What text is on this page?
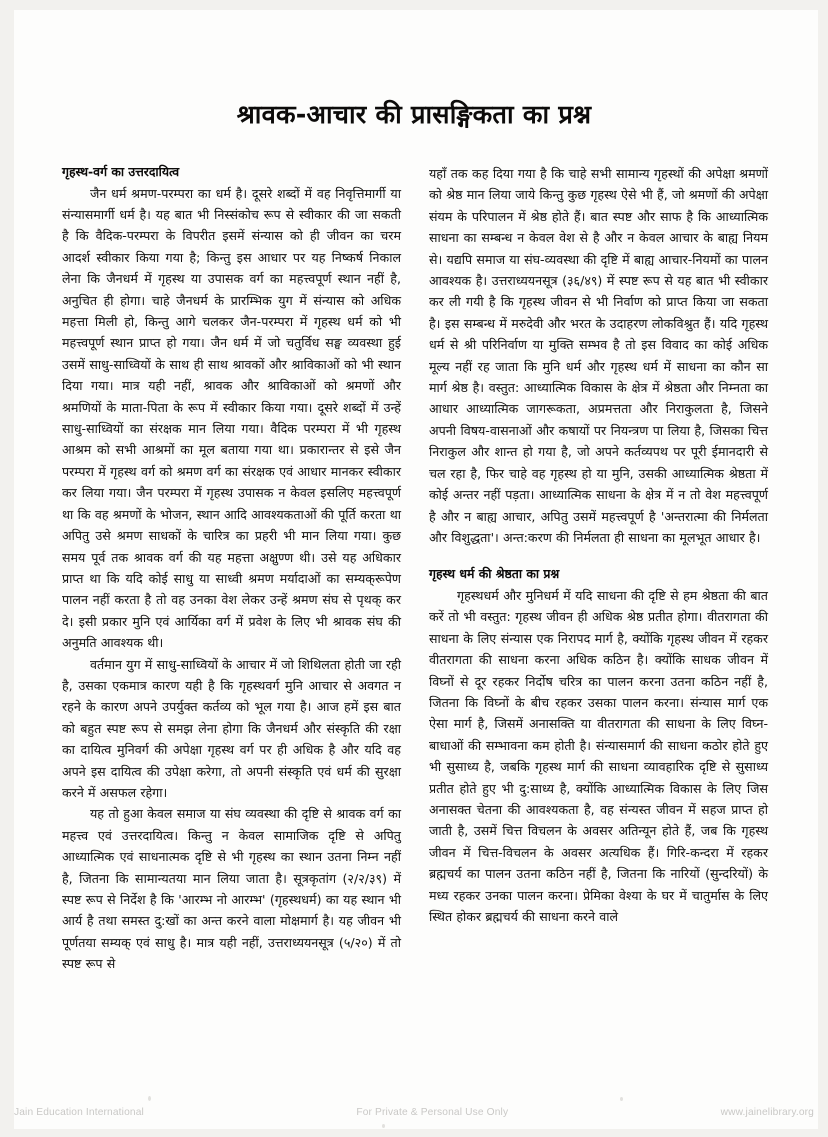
श्रावक-आचार की प्रासङ्गिकता का प्रश्न
गृहस्थ-वर्ग का उत्तरदायित्व

जैन धर्म श्रमण-परम्परा का धर्म है। दूसरे शब्दों में वह निवृत्तिमार्गी या संन्यासमार्गी धर्म है। यह बात भी निस्संकोच रूप से स्वीकार की जा सकती है कि वैदिक-परम्परा के विपरीत इसमें संन्यास को ही जीवन का चरम आदर्श स्वीकार किया गया है; किन्तु इस आधार पर यह निष्कर्ष निकाल लेना कि जैनधर्म में गृहस्थ या उपासक वर्ग का महत्त्वपूर्ण स्थान नहीं है, अनुचित ही होगा। चाहे जैनधर्म के प्रारम्भिक युग में संन्यास को अधिक महत्ता मिली हो, किन्तु आगे चलकर जैन-परम्परा में गृहस्थ धर्म को भी महत्त्वपूर्ण स्थान प्राप्त हो गया। जैन धर्म में जो चतुर्विध सङ्घ व्यवस्था हुई उसमें साधु-साध्वियों के साथ ही साथ श्रावकों और श्राविकाओं को भी स्थान दिया गया। मात्र यही नहीं, श्रावक और श्राविकाओं को श्रमणों और श्रमणियों के माता-पिता के रूप में स्वीकार किया गया। दूसरे शब्दों में उन्हें साधु-साध्वियों का संरक्षक मान लिया गया। वैदिक परम्परा में भी गृहस्थ आश्रम को सभी आश्रमों का मूल बताया गया था। प्रकारान्तर से इसे जैन परम्परा में गृहस्थ वर्ग को श्रमण वर्ग का संरक्षक एवं आधार मानकर स्वीकार कर लिया गया। जैन परम्परा में गृहस्थ उपासक न केवल इसलिए महत्त्वपूर्ण था कि वह श्रमणों के भोजन, स्थान आदि आवश्यकताओं की पूर्ति करता था अपितु उसे श्रमण साधकों के चारित्र का प्रहरी भी मान लिया गया। कुछ समय पूर्व तक श्रावक वर्ग की यह महत्ता अक्षुण्ण थी। उसे यह अधिकार प्राप्त था कि यदि कोई साधु या साध्वी श्रमण मर्यादाओं का सम्यक्‌रूपेण पालन नहीं करता है तो वह उनका वेश लेकर उन्हें श्रमण संघ से पृथक् कर दे। इसी प्रकार मुनि एवं आर्यिका वर्ग में प्रवेश के लिए भी श्रावक संघ की अनुमति आवश्यक थी।

वर्तमान युग में साधु-साध्वियों के आचार में जो शिथिलता होती जा रही है, उसका एकमात्र कारण यही है कि गृहस्थवर्ग मुनि आचार से अवगत न रहने के कारण अपने उपर्युक्त कर्तव्य को भूल गया है। आज हमें इस बात को बहुत स्पष्ट रूप से समझ लेना होगा कि जैनधर्म और संस्कृति की रक्षा का दायित्व मुनिवर्ग की अपेक्षा गृहस्थ वर्ग पर ही अधिक है और यदि वह अपने इस दायित्व की उपेक्षा करेगा, तो अपनी संस्कृति एवं धर्म की सुरक्षा करने में असफल रहेगा।

यह तो हुआ केवल समाज या संघ व्यवस्था की दृष्टि से श्रावक वर्ग का महत्त्व एवं उत्तरदायित्व। किन्तु न केवल सामाजिक दृष्टि से अपितु आध्यात्मिक एवं साधनात्मक दृष्टि से भी गृहस्थ का स्थान उतना निम्न नहीं है, जितना कि सामान्यतया मान लिया जाता है। सूत्रकृतांग (२/२/३९) में स्पष्ट रूप से निर्देश है कि 'आरम्भ नो आरम्भ' (गृहस्थधर्म) का यह स्थान भी आर्य है तथा समस्त दु:खों का अन्त करने वाला मोक्षमार्ग है। यह जीवन भी पूर्णतया सम्यक् एवं साधु है। मात्र यही नहीं, उत्तराध्ययनसूत्र (५/२०) में तो स्पष्ट रूप से

यहाँ तक कह दिया गया है कि चाहे सभी सामान्य गृहस्थों की अपेक्षा श्रमणों को श्रेष्ठ मान लिया जाये किन्तु कुछ गृहस्थ ऐसे भी हैं, जो श्रमणों की अपेक्षा संयम के परिपालन में श्रेष्ठ होते हैं। बात स्पष्ट और साफ है कि आध्यात्मिक साधना का सम्बन्ध न केवल वेश से है और न केवल आचार के बाह्य नियम से। यद्यपि समाज या संघ-व्यवस्था की दृष्टि में बाह्य आचार-नियमों का पालन आवश्यक है। उत्तराध्ययनसूत्र (३६/४९) में स्पष्ट रूप से यह बात भी स्वीकार कर ली गयी है कि गृहस्थ जीवन से भी निर्वाण को प्राप्त किया जा सकता है। इस सम्बन्ध में मरुदेवी और भरत के उदाहरण लोकविश्रुत हैं। यदि गृहस्थ धर्म से श्री परिनिर्वाण या मुक्ति सम्भव है तो इस विवाद का कोई अधिक मूल्य नहीं रह जाता कि मुनि धर्म और गृहस्थ धर्म में साधना का कौन सा मार्ग श्रेष्ठ है। वस्तुत: आध्यात्मिक विकास के क्षेत्र में श्रेष्ठता और निम्नता का आधार आध्यात्मिक जागरूकता, अप्रमत्तता और निराकुलता है, जिसने अपनी विषय-वासनाओं और कषायों पर नियन्त्रण पा लिया है, जिसका चित्त निराकुल और शान्त हो गया है, जो अपने कर्तव्यपथ पर पूरी ईमानदारी से चल रहा है, फिर चाहे वह गृहस्थ हो या मुनि, उसकी आध्यात्मिक श्रेष्ठता में कोई अन्तर नहीं पड़ता। आध्यात्मिक साधना के क्षेत्र में न तो वेश महत्त्वपूर्ण है और न बाह्य आचार, अपितु उसमें महत्त्वपूर्ण है 'अन्तरात्मा की निर्मलता और विशुद्धता'। अन्त:करण की निर्मलता ही साधना का मूलभूत आधार है।

गृहस्थ धर्म की श्रेष्ठता का प्रश्न

गृहस्थधर्म और मुनिधर्म में यदि साधना की दृष्टि से हम श्रेष्ठता की बात करें तो भी वस्तुत: गृहस्थ जीवन ही अधिक श्रेष्ठ प्रतीत होगा। वीतरागता की साधना के लिए संन्यास एक निरापद मार्ग है, क्योंकि गृहस्थ जीवन में रहकर वीतरागता की साधना करना अधिक कठिन है। क्योंकि साधक जीवन में विघ्नों से दूर रहकर निर्दोष चरित्र का पालन करना उतना कठिन नहीं है, जितना कि विघ्नों के बीच रहकर उसका पालन करना। संन्यास मार्ग एक ऐसा मार्ग है, जिसमें अनासक्ति या वीतरागता की साधना के लिए विघ्न-बाधाओं की सम्भावना कम होती है। संन्यासमार्ग की साधना कठोर होते हुए भी सुसाध्य है, जबकि गृहस्थ मार्ग की साधना व्यावहारिक दृष्टि से सुसाध्य प्रतीत होते हुए भी दु:साध्य है, क्योंकि आध्यात्मिक विकास के लिए जिस अनासक्त चेतना की आवश्यकता है, वह संन्यस्त जीवन में सहज प्राप्त हो जाती है, उसमें चित्त विचलन के अवसर अतिन्यून होते हैं, जब कि गृहस्थ जीवन में चित्त-विचलन के अवसर अत्यधिक हैं। गिरि-कन्दरा में रहकर ब्रह्मचर्य का पालन उतना कठिन नहीं है, जितना कि नारियों (सुन्दरियों) के मध्य रहकर उनका पालन करना। प्रेमिका वेश्या के घर में चातुर्मास के लिए स्थित होकर ब्रह्मचर्य की साधना करने वाले

Jain Education International	For Private & Personal Use Only	www.jainelibrary.org
